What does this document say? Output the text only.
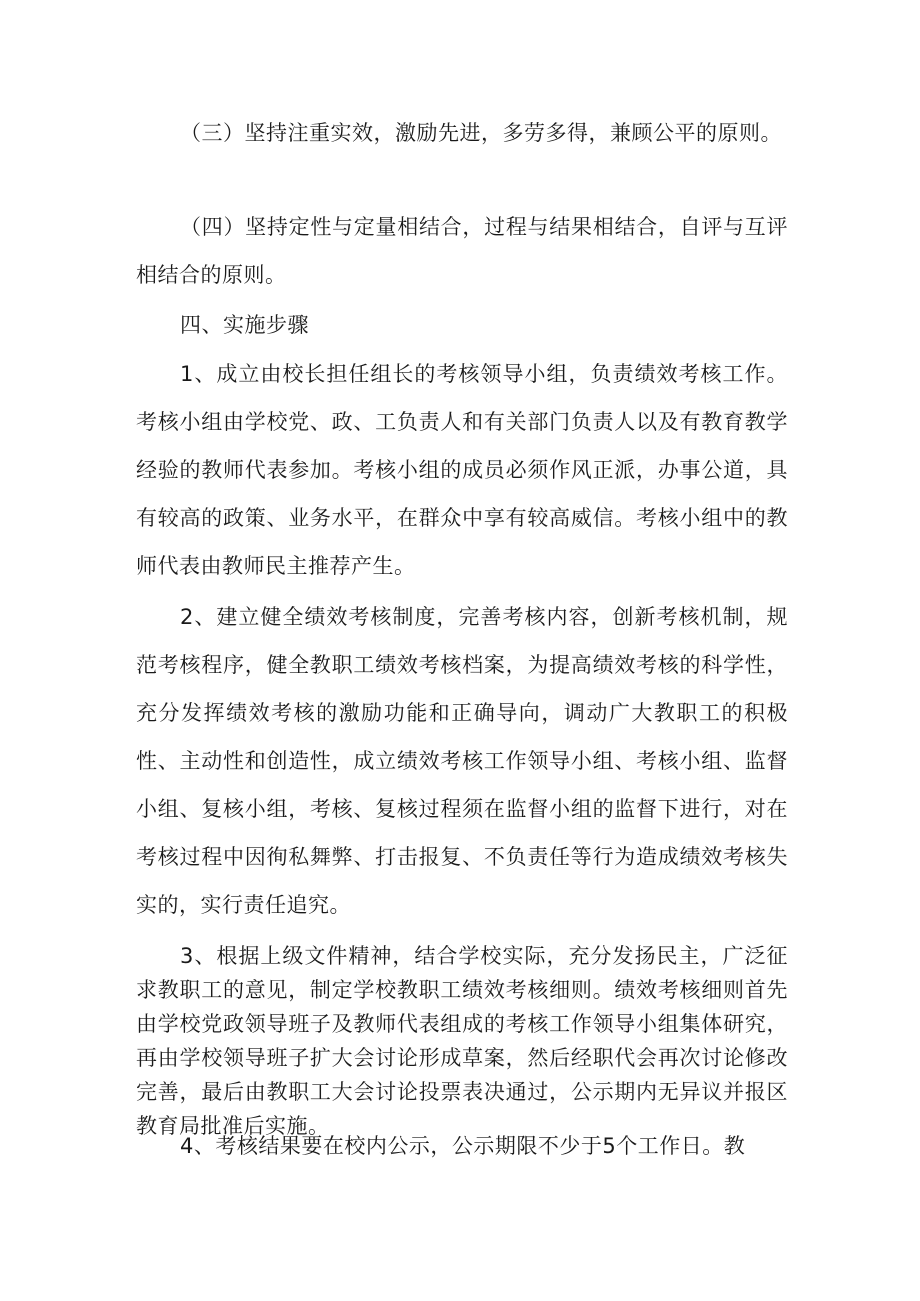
（三）坚持注重实效，激励先进，多劳多得，兼顾公平的原则。

（四）坚持定性与定量相结合，过程与结果相结合，自评与互评相结合的原则。

四、实施步骤

1、成立由校长担任组长的考核领导小组，负责绩效考核工作。考核小组由学校党、政、工负责人和有关部门负责人以及有教育教学经验的教师代表参加。考核小组的成员必须作风正派，办事公道，具有较高的政策、业务水平，在群众中享有较高威信。考核小组中的教师代表由教师民主推荐产生。

2、建立健全绩效考核制度，完善考核内容，创新考核机制，规范考核程序，健全教职工绩效考核档案，为提高绩效考核的科学性，充分发挥绩效考核的激励功能和正确导向，调动广大教职工的积极性、主动性和创造性，成立绩效考核工作领导小组、考核小组、监督小组、复核小组，考核、复核过程须在监督小组的监督下进行，对在考核过程中因徇私舞弊、打击报复、不负责任等行为造成绩效考核失实的，实行责任追究。

3、根据上级文件精神，结合学校实际，充分发扬民主，广泛征求教职工的意见，制定学校教职工绩效考核细则。绩效考核细则首先由学校党政领导班子及教师代表组成的考核工作领导小组集体研究，再由学校领导班子扩大会讨论形成草案，然后经职代会再次讨论修改完善，最后由教职工大会讨论投票表决通过，公示期内无异议并报区教育局批准后实施。

4、考核结果要在校内公示，公示期限不少于5个工作日。教
